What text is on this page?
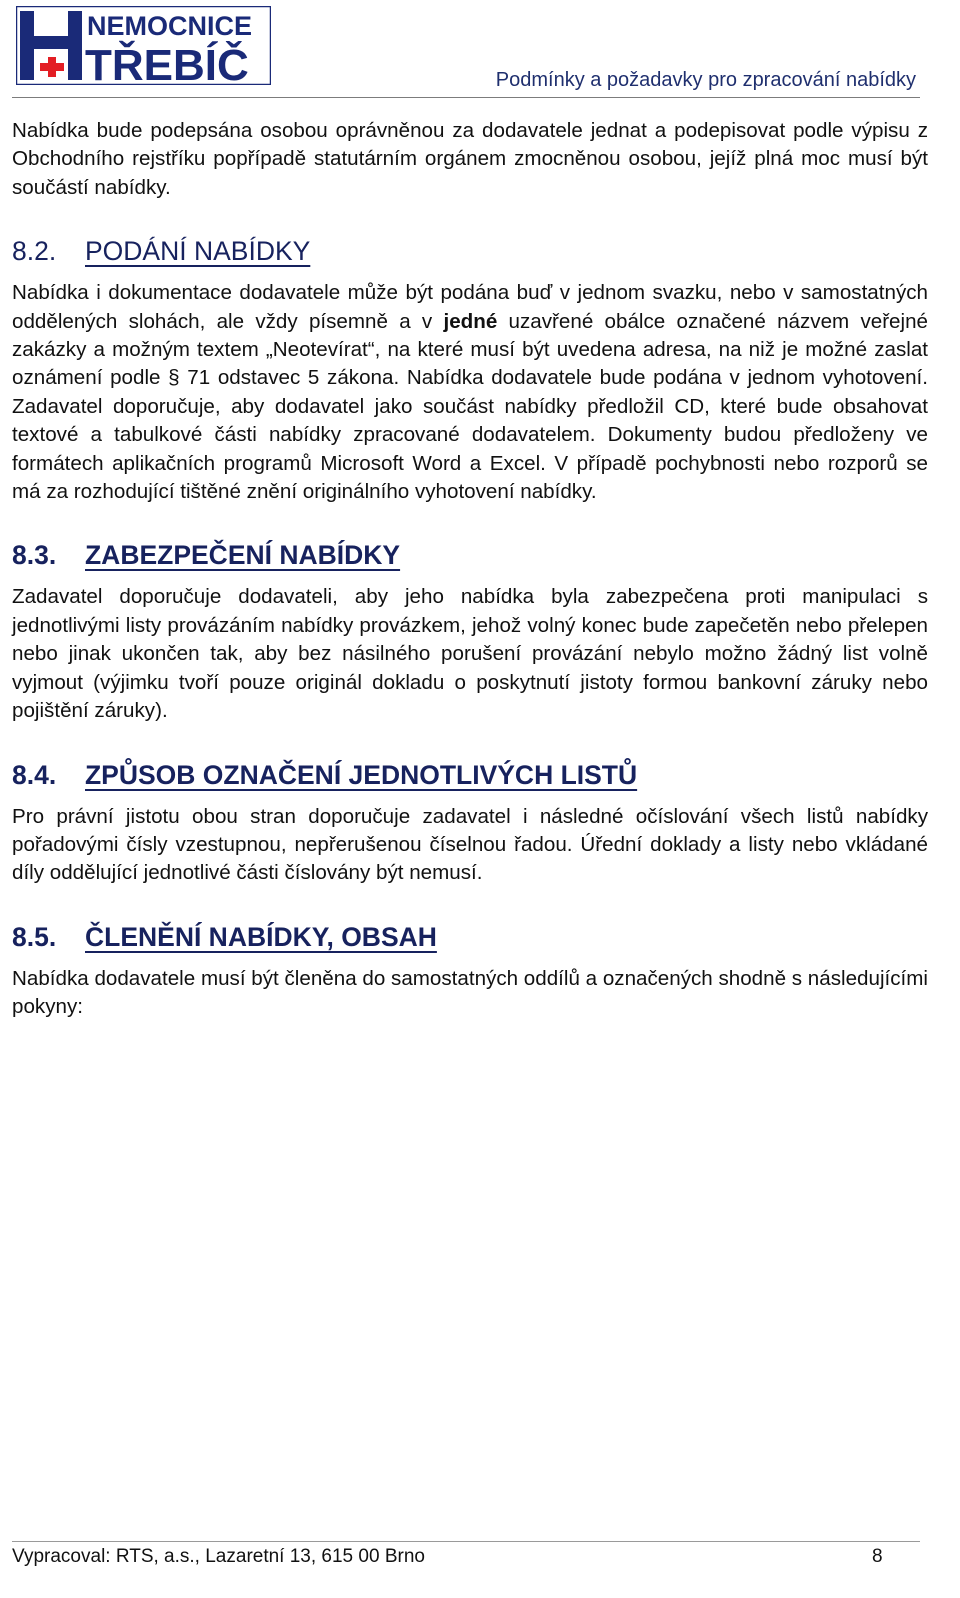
NEMOCNICE
TŘEBÍČ	Podmínky a požadavky pro zpracování nabídky

Nabídka bude podepsána osobou oprávněnou za dodavatele jednat a podepisovat podle výpisu z Obchodního rejstříku popřípadě statutárním orgánem zmocněnou osobou, jejíž plná moc musí být součástí nabídky.

8.2.	PODÁNÍ NABÍDKY

Nabídka i dokumentace dodavatele může být podána buď v jednom svazku, nebo v samostatných oddělených slohách, ale vždy písemně a v jedné uzavřené obálce označené názvem veřejné zakázky a možným textem „Neotevírat“, na které musí být uvedena adresa, na niž je možné zaslat oznámení podle § 71 odstavec 5 zákona. Nabídka dodavatele bude podána v jednom vyhotovení. Zadavatel doporučuje, aby dodavatel jako součást nabídky předložil CD, které bude obsahovat textové a tabulkové části nabídky zpracované dodavatelem. Dokumenty budou předloženy ve formátech aplikačních programů Microsoft Word a Excel. V případě pochybnosti nebo rozporů se má za rozhodující tištěné znění originálního vyhotovení nabídky.

8.3.	ZABEZPEČENÍ NABÍDKY

Zadavatel doporučuje dodavateli, aby jeho nabídka byla zabezpečena proti manipulaci s jednotlivými listy provázáním nabídky provázkem, jehož volný konec bude zapečetěn nebo přelepen nebo jinak ukončen tak, aby bez násilného porušení provázání nebylo možno žádný list volně vyjmout (výjimku tvoří pouze originál dokladu o poskytnutí jistoty formou bankovní záruky nebo pojištění záruky).

8.4.	ZPŮSOB OZNAČENÍ JEDNOTLIVÝCH LISTŮ

Pro právní jistotu obou stran doporučuje zadavatel i následné očíslování všech listů nabídky pořadovými čísly vzestupnou, nepřerušenou číselnou řadou. Úřední doklady a listy nebo vkládané díly oddělující jednotlivé části číslovány být nemusí.

8.5.	ČLENĚNÍ NABÍDKY, OBSAH

Nabídka dodavatele musí být členěna do samostatných oddílů a označených shodně s následujícími pokyny:

Vypracoval: RTS, a.s., Lazaretní 13, 615 00 Brno	8
